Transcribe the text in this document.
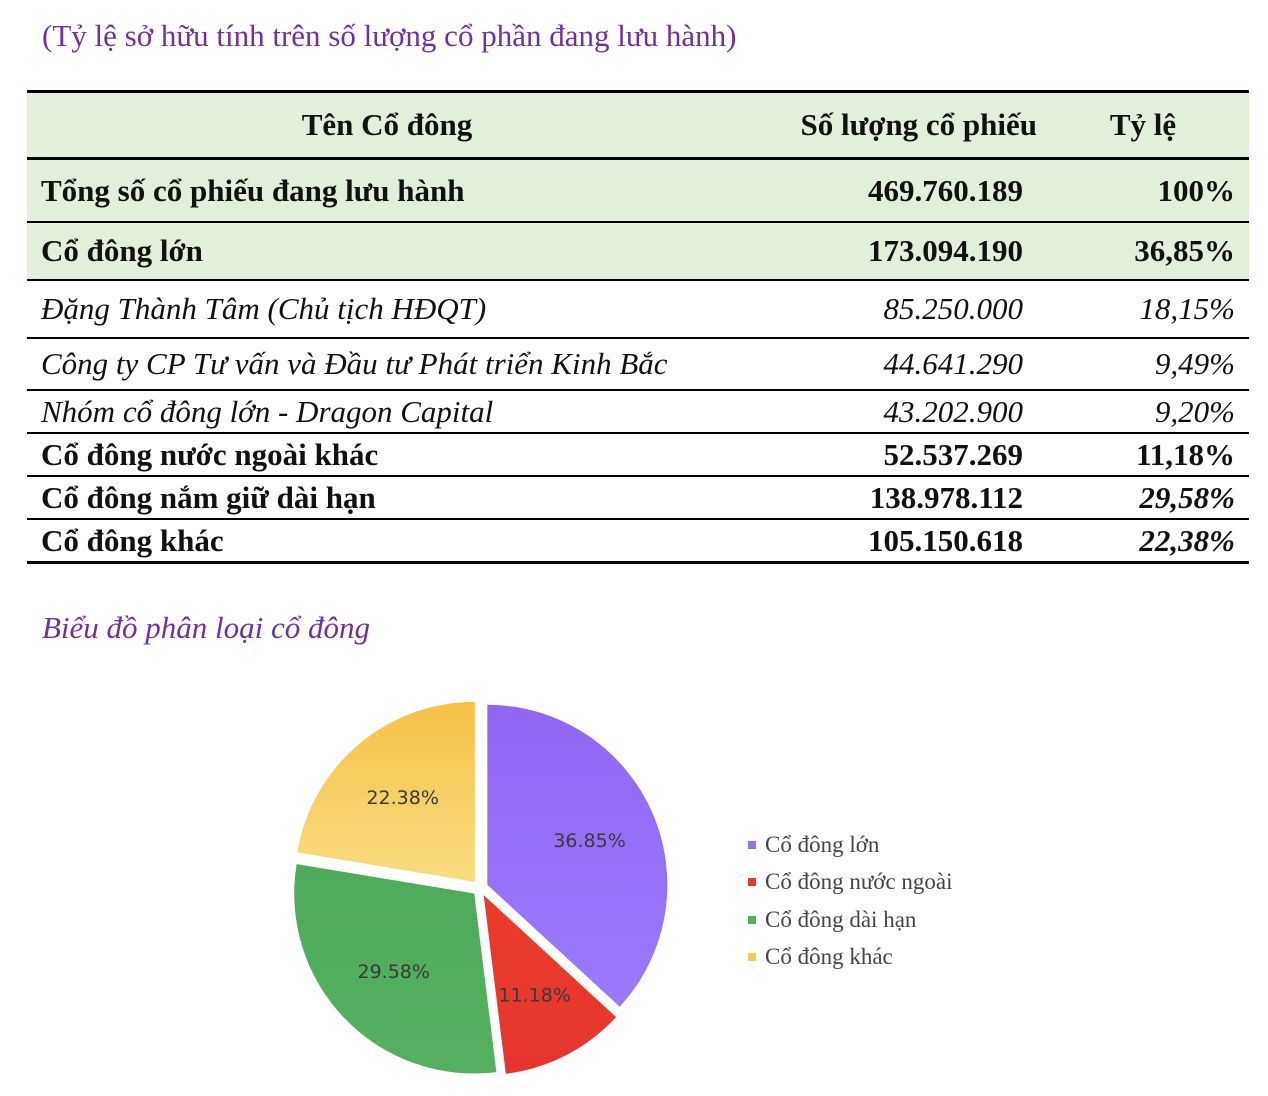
(Tỷ lệ sở hữu tính trên số lượng cổ phần đang lưu hành)
Tên Cổ đông	Số lượng cổ phiếu	Tỷ lệ
Tổng số cổ phiếu đang lưu hành	469.760.189	100%
Cổ đông lớn	173.094.190	36,85%
Đặng Thành Tâm (Chủ tịch HĐQT)	85.250.000	18,15%
Công ty CP Tư vấn và Đầu tư Phát triển Kinh Bắc	44.641.290	9,49%
Nhóm cổ đông lớn - Dragon Capital	43.202.900	9,20%
Cổ đông nước ngoài khác	52.537.269	11,18%
Cổ đông nắm giữ dài hạn	138.978.112	29,58%
Cổ đông khác	105.150.618	22,38%
Biểu đồ phân loại cổ đông
36.85%
11.18%
29.58%
22.38%
Cổ đông lớn
Cổ đông nước ngoài
Cổ đông dài hạn
Cổ đông khác
